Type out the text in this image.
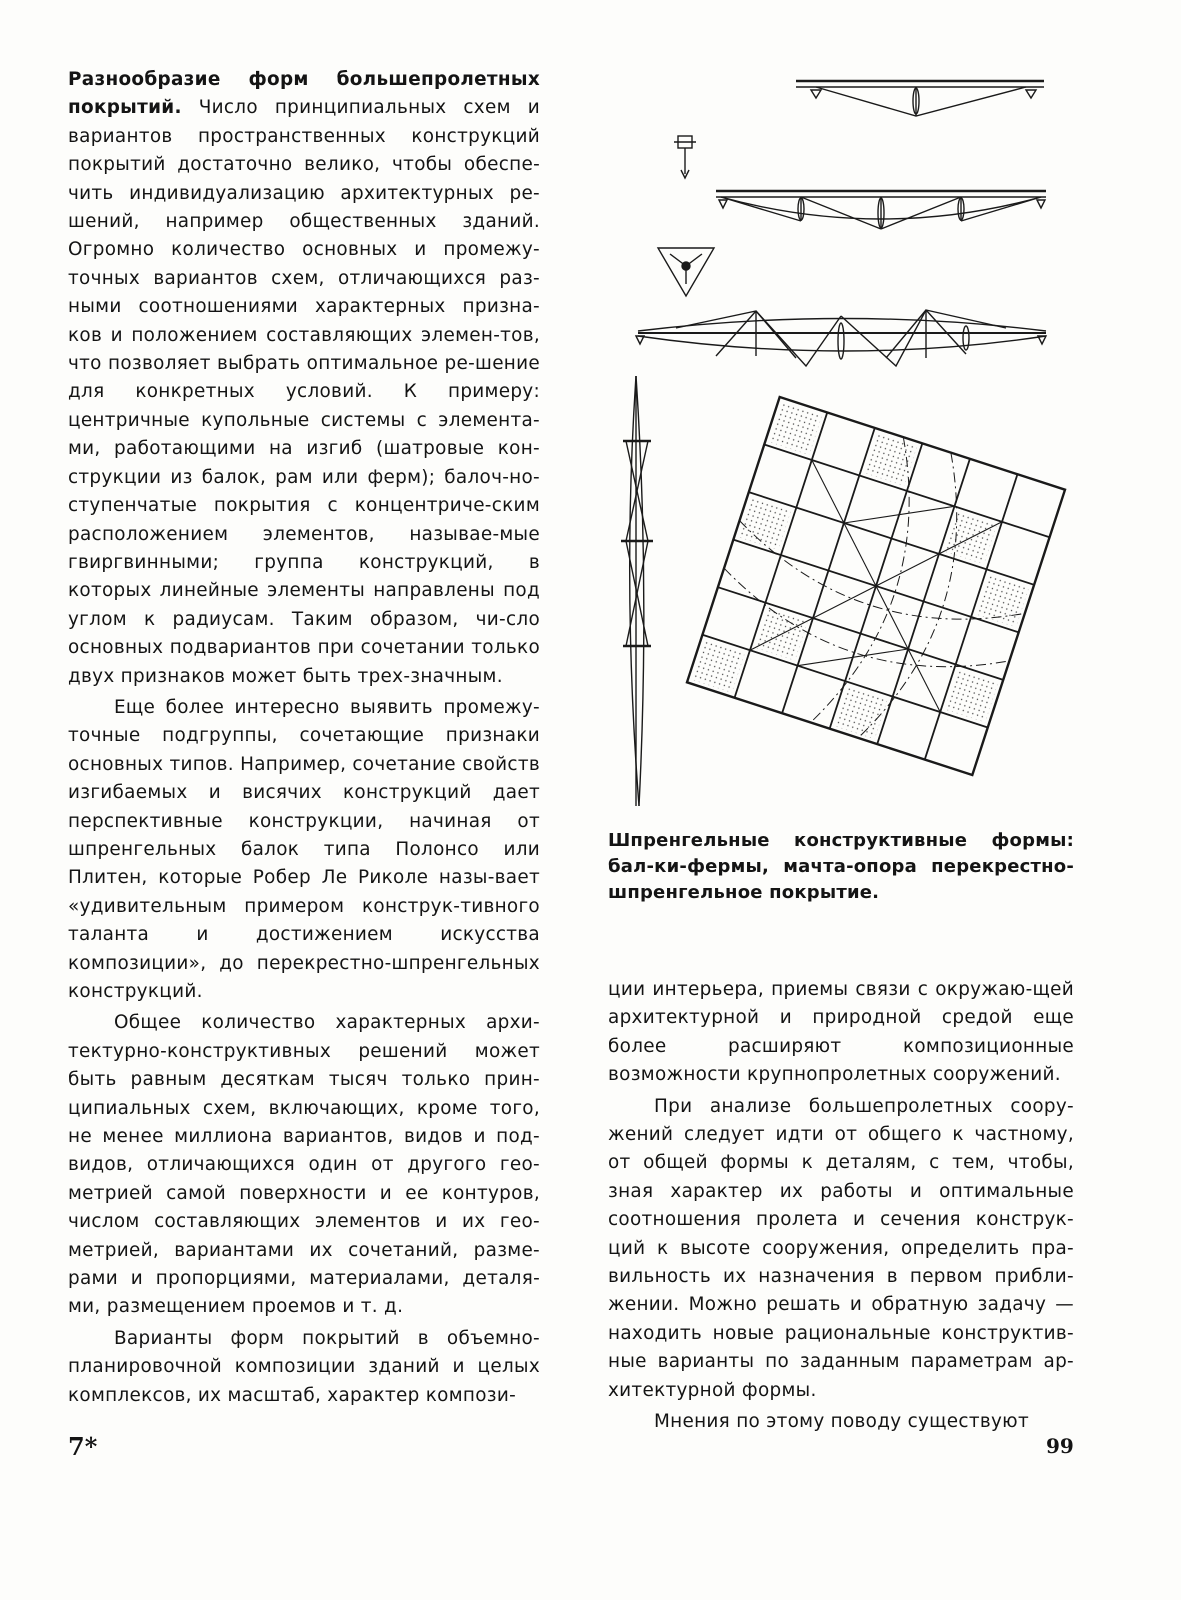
Разнообразие форм большепролетных покрытий. Число принципиальных схем и вариантов пространственных конструкций покрытий достаточно велико, чтобы обеспе-чить индивидуализацию архитектурных ре-шений, например общественных зданий. Огромно количество основных и промежу-точных вариантов схем, отличающихся раз-ными соотношениями характерных призна-ков и положением составляющих элемен-тов, что позволяет выбрать оптимальное ре-шение для конкретных условий. К примеру: центричные купольные системы с элемента-ми, работающими на изгиб (шатровые кон-струкции из балок, рам или ферм); балоч-но-ступенчатые покрытия с концентриче-ским расположением элементов, называе-мые гвиргвинными; группа конструкций, в которых линейные элементы направлены под углом к радиусам. Таким образом, чи-сло основных подвариантов при сочетании только двух признаков может быть трех-значным.

Еще более интересно выявить промежу-точные подгруппы, сочетающие признаки основных типов. Например, сочетание свойств изгибаемых и висячих конструкций дает перспективные конструкции, начиная от шпренгельных балок типа Полонсо или Плитен, которые Робер Ле Риколе назы-вает «удивительным примером конструк-тивного таланта и достижением искусства композиции», до перекрестно-шпренгельных конструкций.

Общее количество характерных архи-тектурно-конструктивных решений может быть равным десяткам тысяч только прин-ципиальных схем, включающих, кроме того, не менее миллиона вариантов, видов и под-видов, отличающихся один от другого гео-метрией самой поверхности и ее контуров, числом составляющих элементов и их гео-метрией, вариантами их сочетаний, разме-рами и пропорциями, материалами, деталя-ми, размещением проемов и т. д.

Варианты форм покрытий в объемно-планировочной композиции зданий и целых комплексов, их масштаб, характер компози-

Шпренгельные конструктивные формы: бал-ки-фермы, мачта-опора перекрестно-шпренгельное покрытие.

ции интерьера, приемы связи с окружаю-щей архитектурной и природной средой еще более расширяют композиционные возможности крупнопролетных сооружений.

При анализе большепролетных соору-жений следует идти от общего к частному, от общей формы к деталям, с тем, чтобы, зная характер их работы и оптимальные соотношения пролета и сечения конструк-ций к высоте сооружения, определить пра-вильность их назначения в первом прибли-жении. Можно решать и обратную задачу — находить новые рациональные конструктив-ные варианты по заданным параметрам ар-хитектурной формы.

Мнения по этому поводу существуют

7*	99
